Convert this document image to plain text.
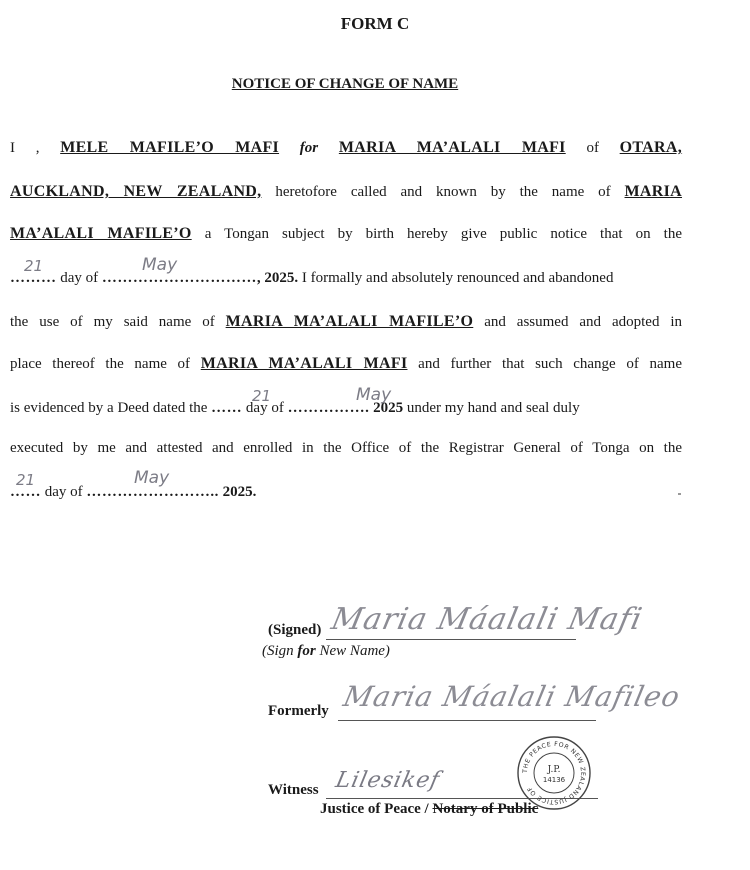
FORM C
NOTICE OF CHANGE OF NAME
I , MELE MAFILE’O MAFI for MARIA MA’ALALI MAFI of OTARA,
AUCKLAND, NEW ZEALAND, heretofore called and known by the name of MARIA
MA’ALALI MAFILE’O a Tongan subject by birth hereby give public notice that on the
……… day of …………………………, 2025. I formally and absolutely renounced and abandoned
21	May
the use of my said name of MARIA MA’ALALI MAFILE’O and assumed and adopted in
place thereof the name of MARIA MA’ALALI MAFI and further that such change of name
is evidenced by a Deed dated the …… day of ……………. 2025 under my hand and seal duly
21	May
executed by me and attested and enrolled in the Office of the Registrar General of Tonga on the
…… day of …………………….. 2025.
21	May
(Signed) Maria Máalali Mafi
(Sign for New Name)
Formerly Maria Máalali Mafileo
Witness Lilesikef
Justice of Peace / Notary of Public
THE PEACE FOR NEW ZEALAND JUSTICE OF
J.P.
14136
